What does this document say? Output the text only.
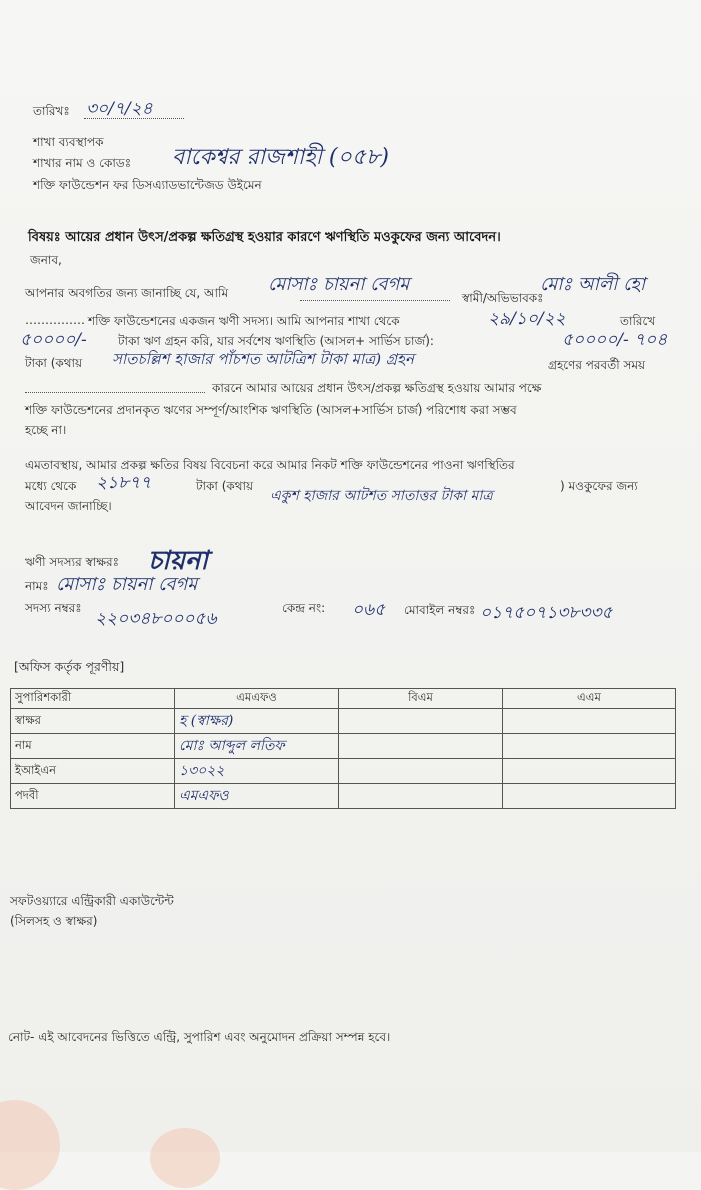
তারিখঃ ৩০/৭/২৪
শাখা ব্যবস্থাপক
শাখার নাম ও কোডঃ বাকেশ্বর রাজশাহী (০৫৮)
শক্তি ফাউন্ডেশন ফর ডিসএ্যাডভান্টেজড উইমেন
বিষয়ঃ আয়ের প্রধান উৎস/প্রকল্প ক্ষতিগ্রস্থ হওয়ার কারণে ঋণস্থিতি মওকুফের জন্য আবেদন।
জনাব,
আপনার অবগতির জন্য জানাচ্ছি যে, আমি মোসাঃ চায়না বেগম
স্বামী/অভিভাবকঃ
মোঃ আলী হো
…………… শক্তি ফাউন্ডেশনের একজন ঋণী সদস্য। আমি আপনার শাখা থেকে	২৯/১০/২২	তারিখে
৫০০০০/-	টাকা ঋণ গ্রহন করি, যার সর্বশেষ ঋণস্থিতি (আসল+ সার্ভিস চার্জ):	৫০০০০/- ৭০৪
টাকা (কথায় সাতচল্লিশ হাজার পাঁচশত আটত্রিশ টাকা মাত্র) গ্রহন	গ্রহণের পরবর্তী সময়
কারনে আমার আয়ের প্রধান উৎস/প্রকল্প ক্ষতিগ্রস্থ হওয়ায় আমার পক্ষে
শক্তি ফাউন্ডেশনের প্রদানকৃত ঋণের সম্পূর্ণ/আংশিক ঋণস্থিতি (আসল+সার্ভিস চার্জ) পরিশোধ করা সম্ভব
হচ্ছে না।
এমতাবস্থায়, আমার প্রকল্প ক্ষতির বিষয় বিবেচনা করে আমার নিকট শক্তি ফাউন্ডেশনের পাওনা ঋণস্থিতির
মধ্যে থেকে ২১৮৭৭	টাকা (কথায়
একুশ হাজার আটশত সাতাত্তর টাকা মাত্র
) মওকুফের জন্য
আবেদন জানাচ্ছি।
ঋণী সদস্যর স্বাক্ষরঃ চায়না
নামঃ মোসাঃ চায়না বেগম
সদস্য নম্বরঃ
২২০৩৪৮০০০৫৬
কেন্দ্র নং: ০৬৫ মোবাইল নম্বরঃ ০১৭৫০৭১৩৮৩৩৫
[অফিস কর্তৃক পূরণীয়]
সুপারিশকারী	এমএফও	বিএম	এএম
স্বাক্ষর	হ (স্বাক্ষর)		
নাম	মোঃ আব্দুল লতিফ		
ইআইএন	১৩০২২		
পদবী	এমএফও		
সফটওয়্যারে এন্ট্রিকারী একাউন্টেন্ট
(সিলসহ ও স্বাক্ষর)
নোট- এই আবেদনের ভিত্তিতে এন্ট্রি, সুপারিশ এবং অনুমোদন প্রক্রিয়া সম্পন্ন হবে।
